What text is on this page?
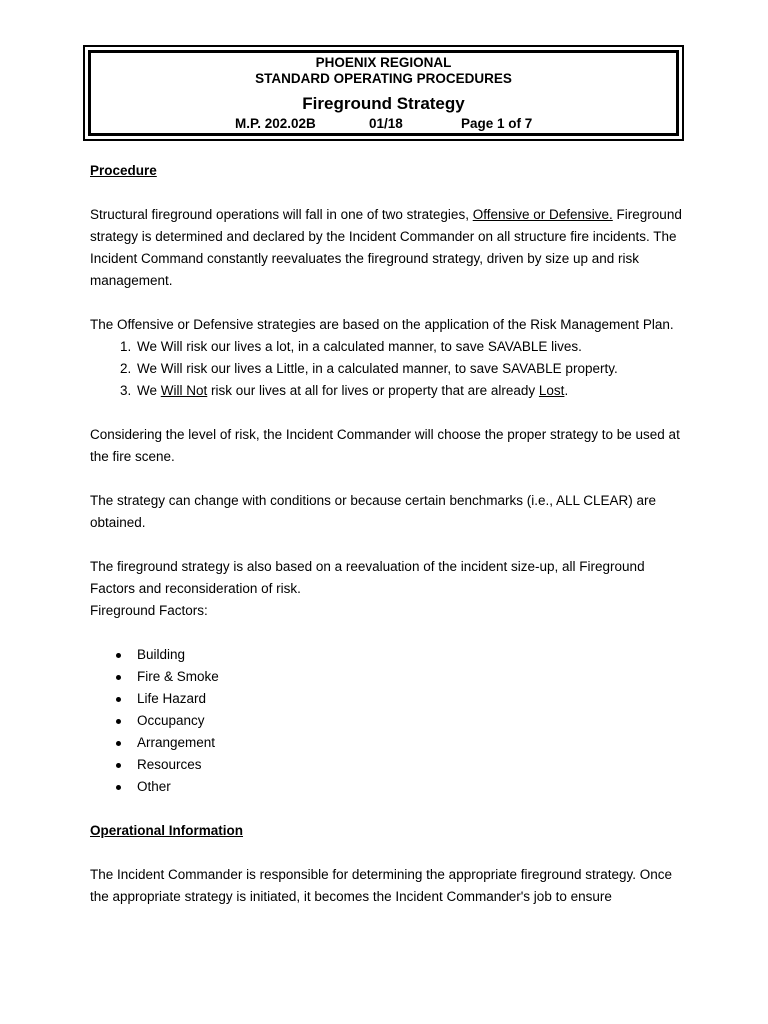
PHOENIX REGIONAL
STANDARD OPERATING PROCEDURES
Fireground Strategy
M.P. 202.02B	01/18	Page 1 of 7

Procedure

Structural fireground operations will fall in one of two strategies, Offensive or Defensive. Fireground strategy is determined and declared by the Incident Commander on all structure fire incidents. The Incident Command constantly reevaluates the fireground strategy, driven by size up and risk management.

The Offensive or Defensive strategies are based on the application of the Risk Management Plan.

1. We Will risk our lives a lot, in a calculated manner, to save SAVABLE lives.
2. We Will risk our lives a Little, in a calculated manner, to save SAVABLE property.
3. We Will Not risk our lives at all for lives or property that are already Lost.

Considering the level of risk, the Incident Commander will choose the proper strategy to be used at the fire scene.

The strategy can change with conditions or because certain benchmarks (i.e., ALL CLEAR) are obtained.

The fireground strategy is also based on a reevaluation of the incident size-up, all Fireground Factors and reconsideration of risk.

Fireground Factors:

Building
Fire & Smoke
Life Hazard
Occupancy
Arrangement
Resources
Other

Operational Information

The Incident Commander is responsible for determining the appropriate fireground strategy. Once the appropriate strategy is initiated, it becomes the Incident Commander's job to ensure
